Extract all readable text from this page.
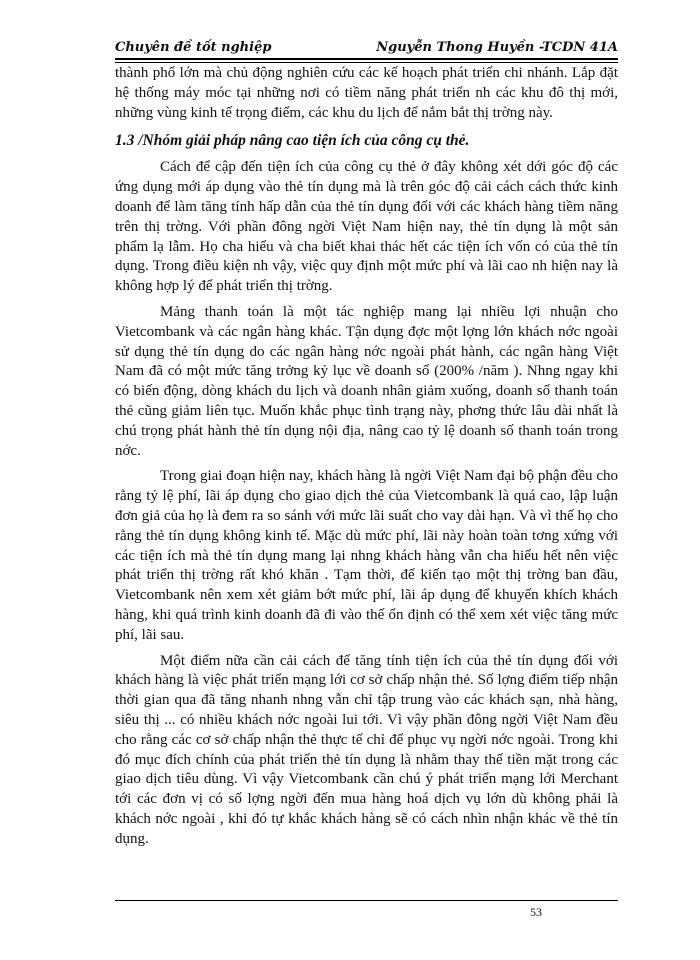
Chuyên đề tốt nghiệp	Nguyễn Thong Huyền -TCDN 41A

thành phố lớn mà chủ động nghiên cứu các kế hoạch phát triển chi nhánh. Lắp đặt hệ thống máy móc tại những nơi có tiềm năng phát triển nh các khu đô thị mới, những vùng kinh tế trọng điểm, các khu du lịch để nắm bắt thị trờng này.

1.3 /Nhóm giải pháp nâng cao tiện ích của công cụ thẻ.

Cách để cập đến tiện ích của công cụ thẻ ở đây không xét dới góc độ các ứng dụng mới áp dụng vào thẻ tín dụng mà là trên góc độ cải cách cách thức kinh doanh để làm tăng tính hấp dẫn của thẻ tín dụng đối với các khách hàng tiềm năng trên thị trờng. Với phần đông ngời Việt Nam hiện nay, thẻ tín dụng là một sản phẩm lạ lẫm. Họ cha hiểu và cha biết khai thác hết các tiện ích vốn có của thẻ tín dụng. Trong điều kiện nh vậy, việc quy định một mức phí và lãi cao nh hiện nay là không hợp lý để phát triển thị trờng.

Mảng thanh toán là một tác nghiệp mang lại nhiều lợi nhuận cho Vietcombank và các ngân hàng khác. Tận dụng đợc một lợng lớn khách nớc ngoài sử dụng thẻ tín dụng do các ngân hàng nớc ngoài phát hành, các ngân hàng Việt Nam đã có một mức tăng trởng kỷ lục về doanh số (200% /năm ). Nhng ngay khi có biến động, dòng khách du lịch và doanh nhân giảm xuống, doanh số thanh toán thẻ cũng giảm liên tục. Muốn khắc phục tình trạng này, phơng thức lâu dài nhất là chú trọng phát hành thẻ tín dụng nội địa, nâng cao tỷ lệ doanh số thanh toán trong nớc.

Trong giai đoạn hiện nay, khách hàng là ngời Việt Nam đại bộ phận đều cho rằng tỷ lệ phí, lãi áp dụng cho giao dịch thẻ của Vietcombank là quá cao, lập luận đơn giả của họ là đem ra so sánh với mức lãi suất cho vay dài hạn. Và vì thế họ cho rằng thẻ tín dụng không kinh tế. Mặc dù mức phí, lãi này hoàn toàn tơng xứng với các tiện ích mà thẻ tín dụng mang lại nhng khách hàng vẫn cha hiểu hết nên việc phát triển thị trờng rất khó khăn . Tạm thời, để kiến tạo một thị trờng ban đầu, Vietcombank nên xem xét giảm bớt mức phí, lãi áp dụng để khuyến khích khách hàng, khi quá trình kinh doanh đã đi vào thế ổn định có thể xem xét việc tăng mức phí, lãi sau.

Một điểm nữa cần cải cách để tăng tính tiện ích của thẻ tín dụng đối với khách hàng là việc phát triển mạng lới cơ sở chấp nhận thẻ. Số lợng điểm tiếp nhận thời gian qua đã tăng nhanh nhng vẫn chỉ tập trung vào các khách sạn, nhà hàng, siêu thị ... có nhiều khách nớc ngoài lui tới. Vì vậy phần đông ngời Việt Nam đều cho rằng các cơ sở chấp nhận thẻ thực tế chỉ để phục vụ ngời nớc ngoài. Trong khi đó mục đích chính của phát triển thẻ tín dụng là nhằm thay thế tiền mặt trong các giao dịch tiêu dùng. Vì vậy Vietcombank cần chú ý phát triển mạng lới Merchant tới các đơn vị có số lợng ngời đến mua hàng hoá dịch vụ lớn dù không phải là khách nớc ngoài , khi đó tự khắc khách hàng sẽ có cách nhìn nhận khác về thẻ tín dụng.

53
